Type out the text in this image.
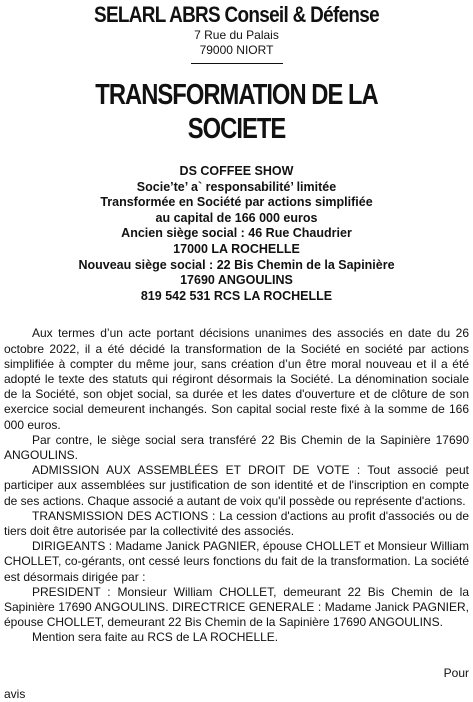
SELARL ABRS Conseil & Défense
7 Rue du Palais
79000 NIORT
TRANSFORMATION DE LA SOCIETE
DS COFFEE SHOW
Socie’te’ a` responsabilité’ limitée
Transformée en Société par actions simplifiée
au capital de 166 000 euros
Ancien siège social : 46 Rue Chaudrier
17000 LA ROCHELLE
Nouveau siège social : 22 Bis Chemin de la Sapinière
17690 ANGOULINS
819 542 531 RCS LA ROCHELLE

Aux termes d’un acte portant décisions unanimes des associés en date du 26 octobre 2022, il a été décidé la transformation de la Société en société par actions simplifiée à compter du même jour, sans création d’un être moral nouveau et il a été adopté le texte des statuts qui régiront désormais la Société. La dénomination sociale de la Société, son objet social, sa durée et les dates d'ouverture et de clôture de son exercice social demeurent inchangés. Son capital social reste fixé à la somme de 166 000 euros.

Par contre, le siège social sera transféré 22 Bis Chemin de la Sapinière 17690 ANGOULINS.

ADMISSION AUX ASSEMBLÉES ET DROIT DE VOTE : Tout associé peut participer aux assemblées sur justification de son identité et de l'inscription en compte de ses actions. Chaque associé a autant de voix qu'il possède ou représente d'actions.

TRANSMISSION DES ACTIONS : La cession d'actions au profit d'associés ou de tiers doit être autorisée par la collectivité des associés.

DIRIGEANTS : Madame Janick PAGNIER, épouse CHOLLET et Monsieur William CHOLLET, co-gérants, ont cessé leurs fonctions du fait de la transformation. La société est désormais dirigée par :

PRESIDENT : Monsieur William CHOLLET, demeurant 22 Bis Chemin de la Sapinière 17690 ANGOULINS. DIRECTRICE GENERALE : Madame Janick PAGNIER, épouse CHOLLET, demeurant 22 Bis Chemin de la Sapinière 17690 ANGOULINS.

Mention sera faite au RCS de LA ROCHELLE.

Pour
avis
